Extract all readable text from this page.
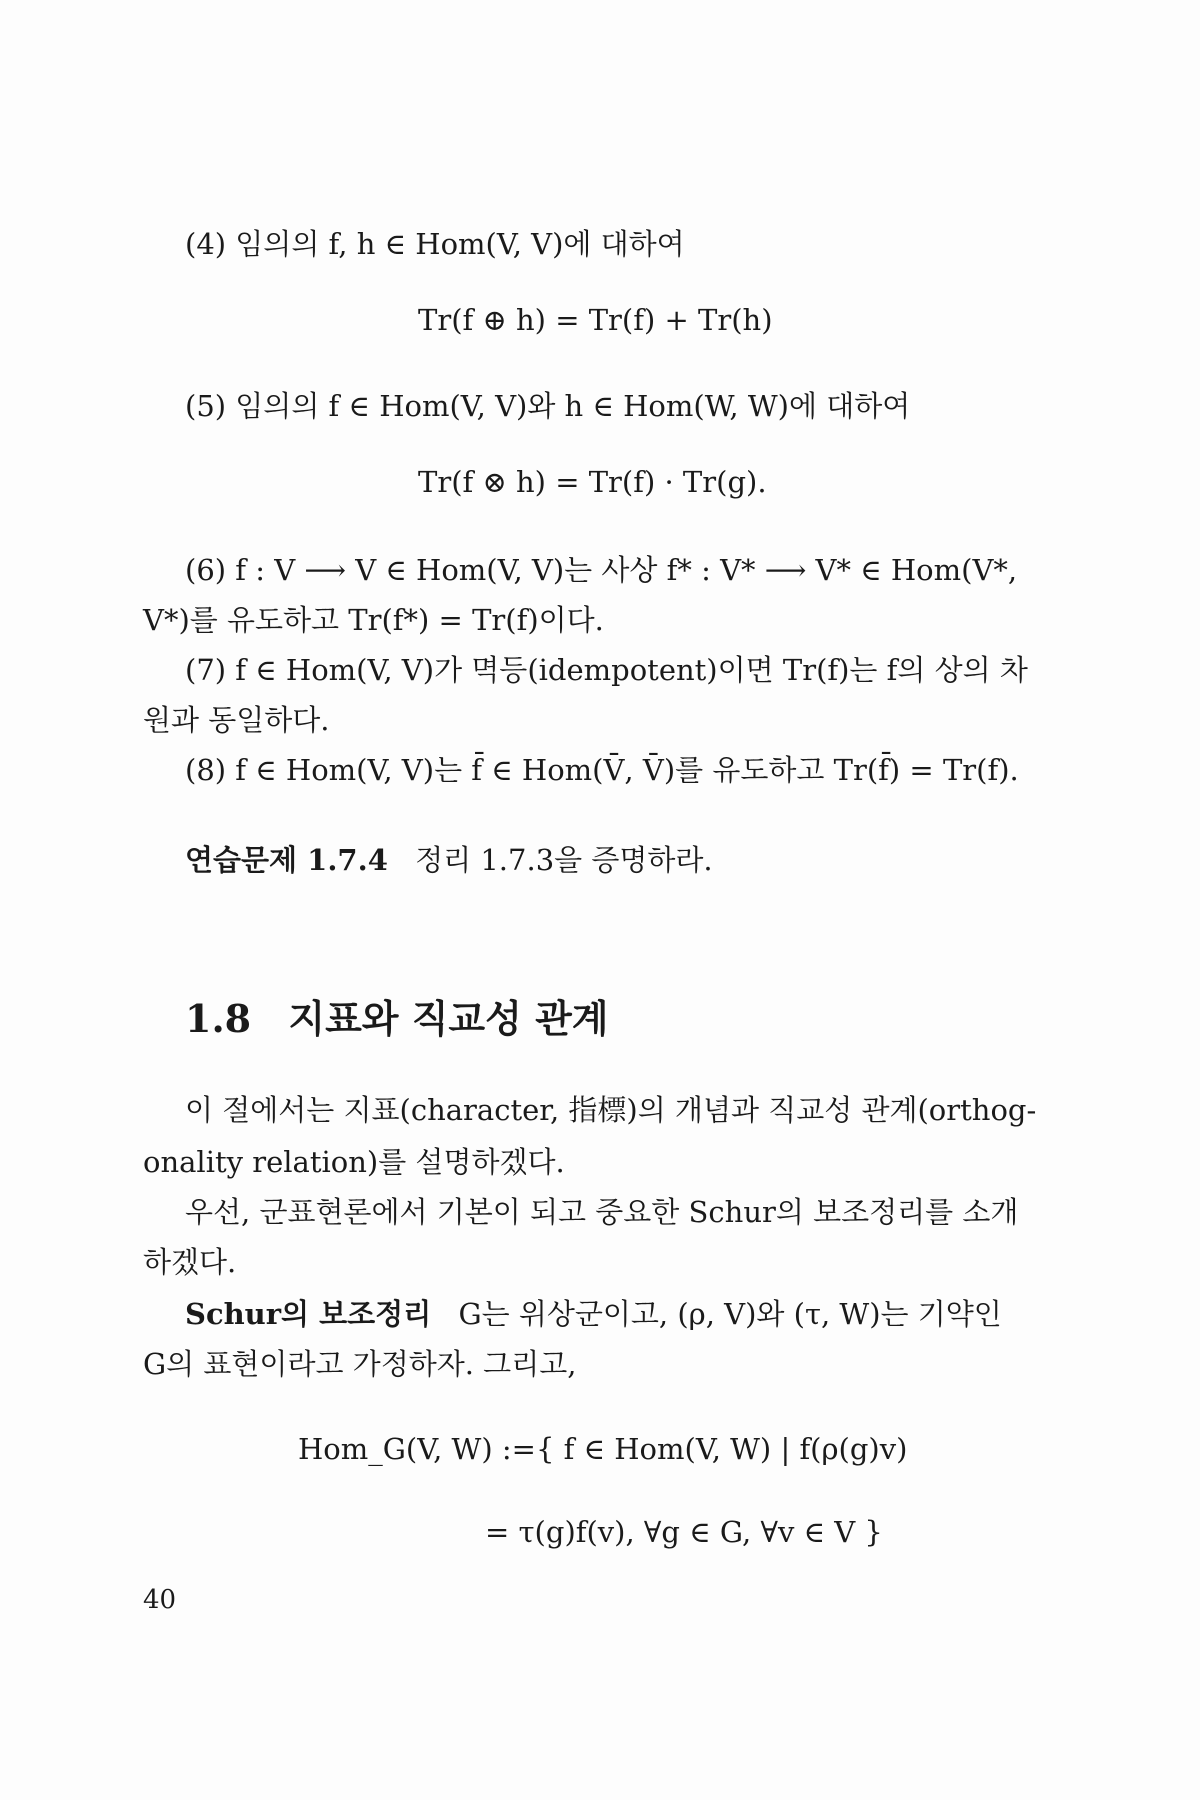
(4) 임의의 f, h ∈ Hom(V, V)에 대하여
Tr(f ⊕ h) = Tr(f) + Tr(h)
(5) 임의의 f ∈ Hom(V, V)와 h ∈ Hom(W, W)에 대하여
Tr(f ⊗ h) = Tr(f) · Tr(g).
(6) f : V ⟶ V ∈ Hom(V, V)는 사상 f* : V* ⟶ V* ∈ Hom(V*,
V*)를 유도하고 Tr(f*) = Tr(f)이다.
(7) f ∈ Hom(V, V)가 멱등(idempotent)이면 Tr(f)는 f의 상의 차
원과 동일하다.
(8) f ∈ Hom(V, V)는 f̄ ∈ Hom(V̄, V̄)를 유도하고 Tr(f̄) = Tr(f).
연습문제 1.7.4 정리 1.7.3을 증명하라.
1.8 지표와 직교성 관계
이 절에서는 지표(character, 指標)의 개념과 직교성 관계(orthog-
onality relation)를 설명하겠다.
우선, 군표현론에서 기본이 되고 중요한 Schur의 보조정리를 소개
하겠다.
Schur의 보조정리 G는 위상군이고, (ρ, V)와 (τ, W)는 기약인
G의 표현이라고 가정하자. 그리고,
Hom_G(V, W) :={ f ∈ Hom(V, W) | f(ρ(g)v)
= τ(g)f(v), ∀g ∈ G, ∀v ∈ V }
40
